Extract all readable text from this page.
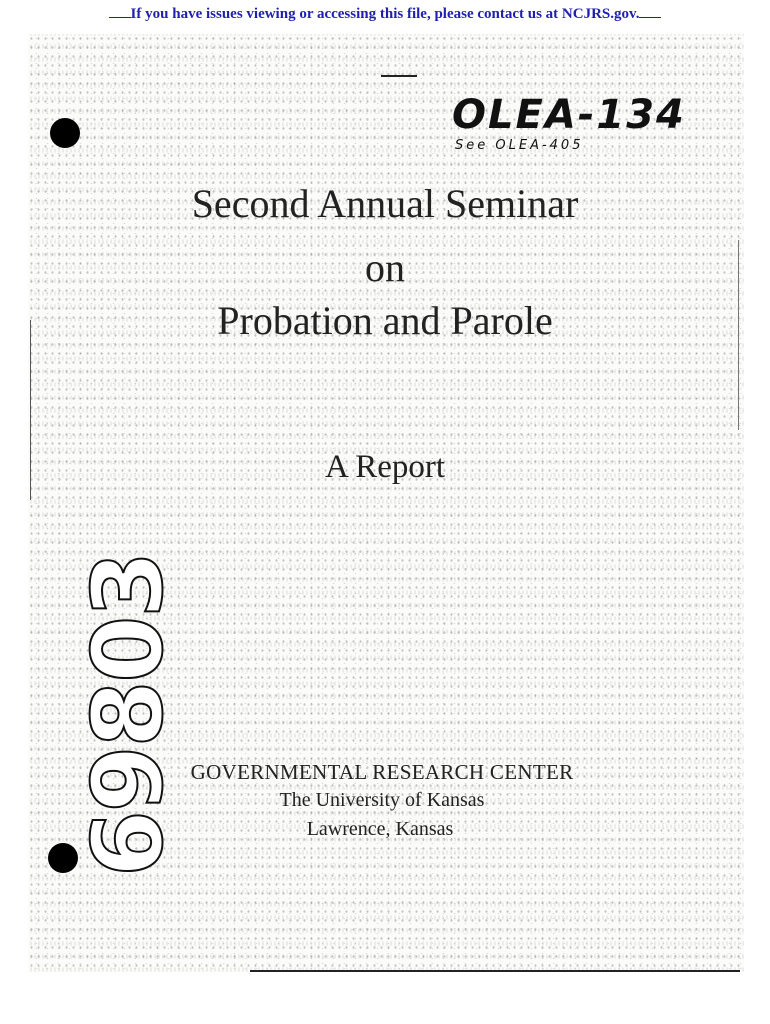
If you have issues viewing or accessing this file, please contact us at NCJRS.gov.
OLEA-134
See OLEA-405
Second Annual Seminar
on
Probation and Parole
A Report
69803 GOVERNMENTAL RESEARCH CENTER
The University of Kansas
Lawrence, Kansas
